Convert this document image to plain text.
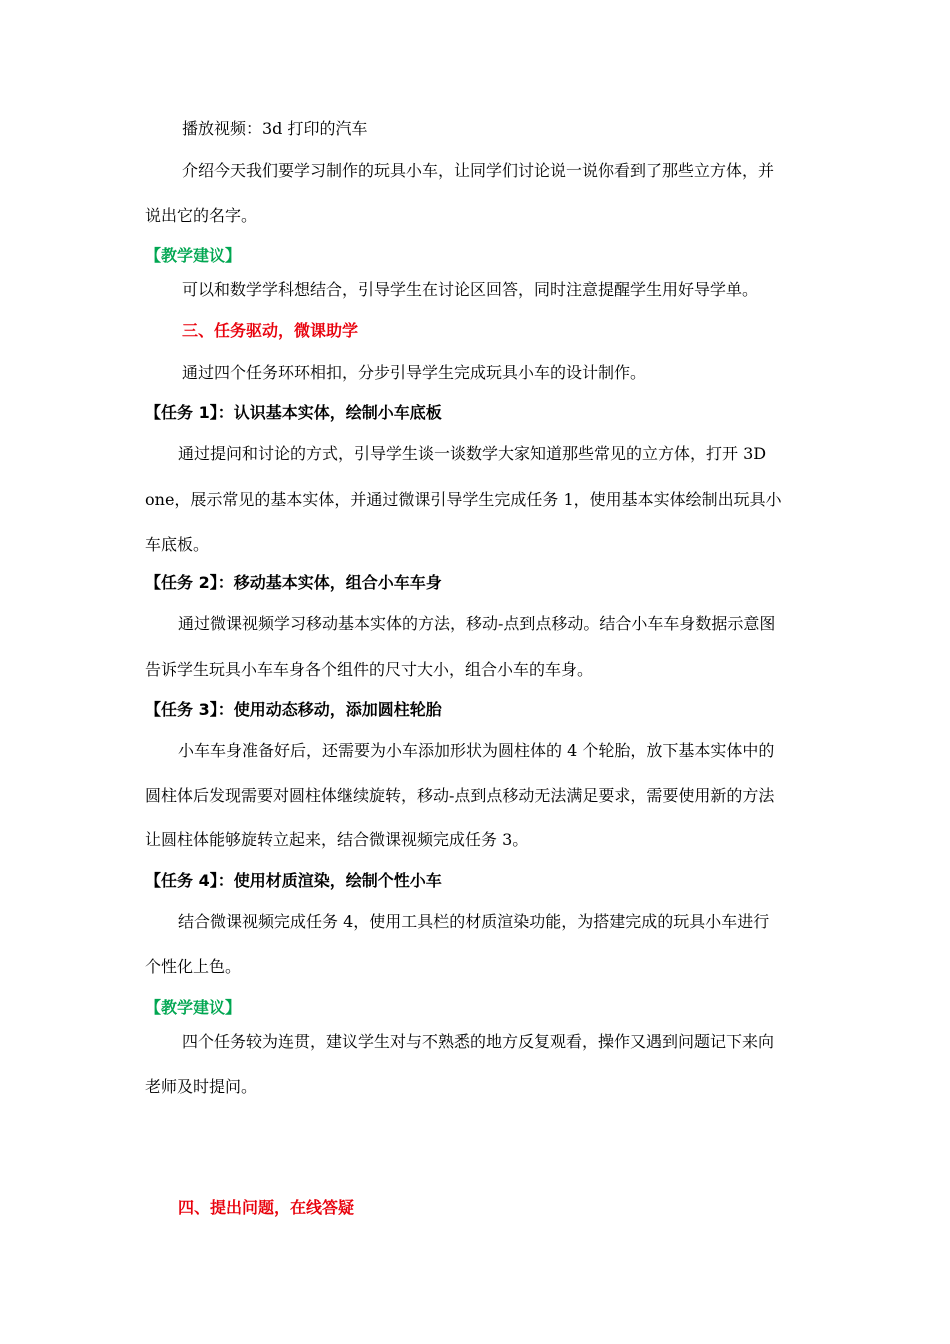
播放视频：3d 打印的汽车

介绍今天我们要学习制作的玩具小车，让同学们讨论说一说你看到了那些立方体，并

说出它的名字。

【教学建议】

可以和数学学科想结合，引导学生在讨论区回答，同时注意提醒学生用好导学单。

三、任务驱动，微课助学

通过四个任务环环相扣，分步引导学生完成玩具小车的设计制作。

【任务 1】：认识基本实体，绘制小车底板

通过提问和讨论的方式，引导学生谈一谈数学大家知道那些常见的立方体，打开 3D

one，展示常见的基本实体，并通过微课引导学生完成任务 1，使用基本实体绘制出玩具小

车底板。

【任务 2】：移动基本实体，组合小车车身

通过微课视频学习移动基本实体的方法，移动-点到点移动。结合小车车身数据示意图

告诉学生玩具小车车身各个组件的尺寸大小，组合小车的车身。

【任务 3】：使用动态移动，添加圆柱轮胎

小车车身准备好后，还需要为小车添加形状为圆柱体的 4 个轮胎，放下基本实体中的

圆柱体后发现需要对圆柱体继续旋转，移动-点到点移动无法满足要求，需要使用新的方法

让圆柱体能够旋转立起来，结合微课视频完成任务 3。

【任务 4】：使用材质渲染，绘制个性小车

结合微课视频完成任务 4，使用工具栏的材质渲染功能，为搭建完成的玩具小车进行

个性化上色。

【教学建议】

四个任务较为连贯，建议学生对与不熟悉的地方反复观看，操作又遇到问题记下来向

老师及时提问。

四、提出问题，在线答疑
